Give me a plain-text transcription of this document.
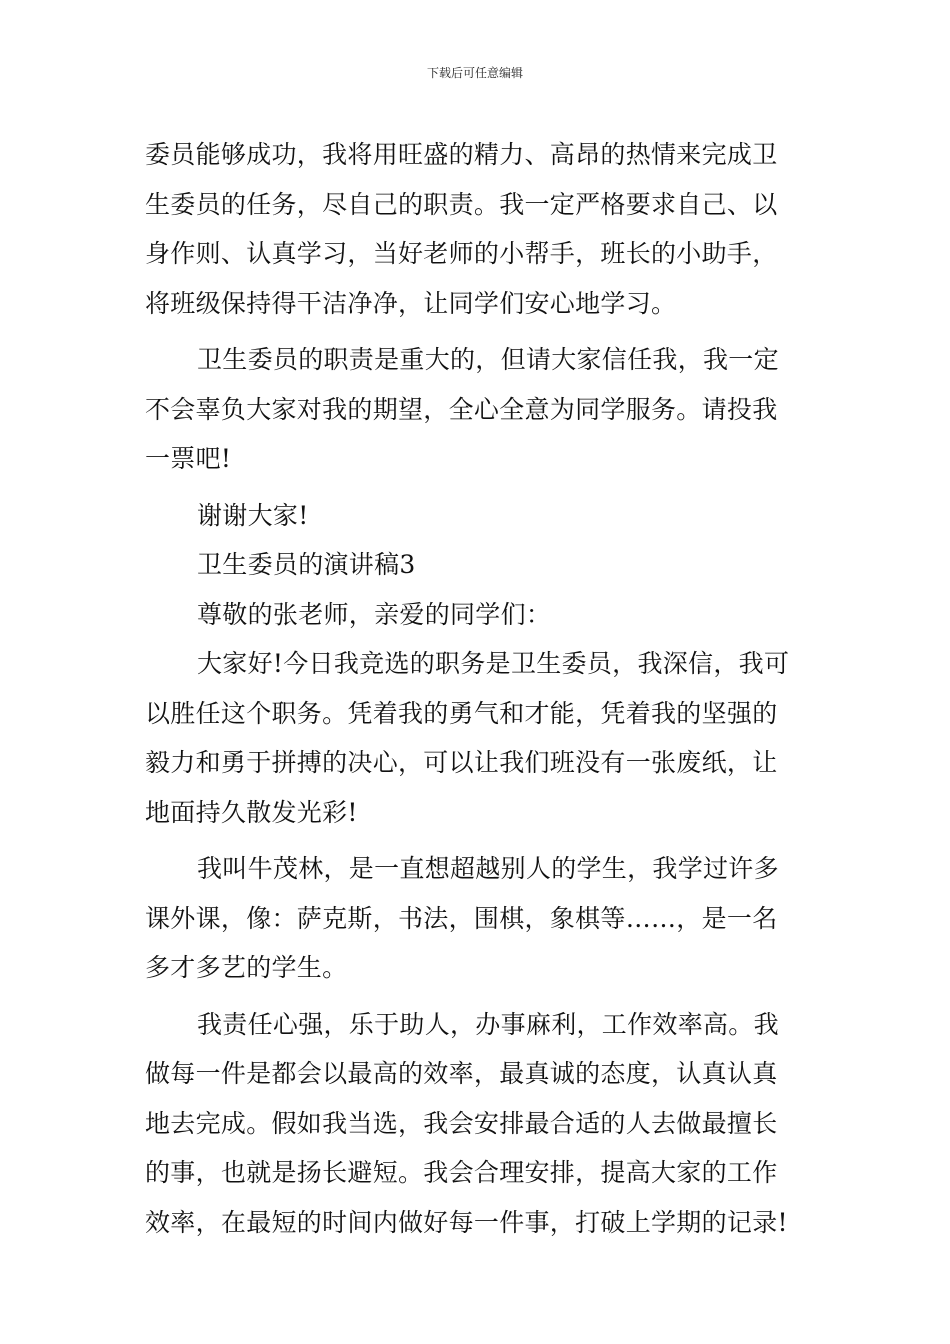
下载后可任意编辑
委员能够成功，我将用旺盛的精力、高昂的热情来完成卫
生委员的任务，尽自己的职责。我一定严格要求自己、以
身作则、认真学习，当好老师的小帮手，班长的小助手，
将班级保持得干洁净净，让同学们安心地学习。
卫生委员的职责是重大的，但请大家信任我，我一定
不会辜负大家对我的期望，全心全意为同学服务。请投我
一票吧!
谢谢大家!
卫生委员的演讲稿3
尊敬的张老师，亲爱的同学们：
大家好!今日我竞选的职务是卫生委员，我深信，我可
以胜任这个职务。凭着我的勇气和才能，凭着我的坚强的
毅力和勇于拼搏的决心，可以让我们班没有一张废纸，让
地面持久散发光彩!
我叫牛茂林，是一直想超越别人的学生，我学过许多
课外课，像：萨克斯，书法，围棋，象棋等……，是一名
多才多艺的学生。
我责任心强，乐于助人，办事麻利，工作效率高。我
做每一件是都会以最高的效率，最真诚的态度，认真认真
地去完成。假如我当选，我会安排最合适的人去做最擅长
的事，也就是扬长避短。我会合理安排，提高大家的工作
效率，在最短的时间内做好每一件事，打破上学期的记录!
